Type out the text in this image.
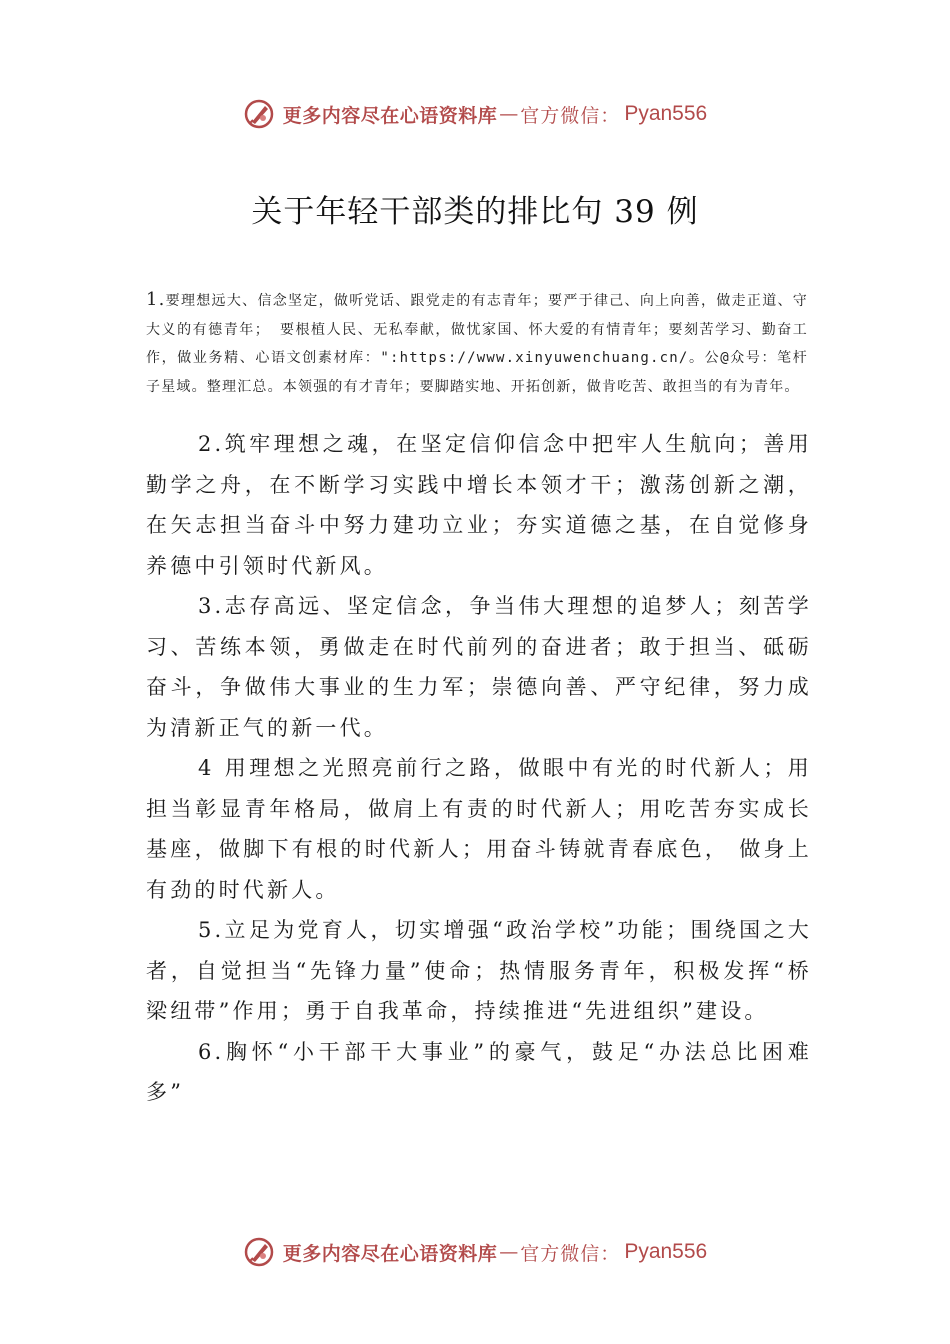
更多内容尽在心语资料库 — 官方微信： Pyan556
关于年轻干部类的排比句 39 例
1.要理想远大、信念坚定，做听党话、跟党走的有志青年；要严于律己、向上向善，做走正道、守大义的有德青年； 要根植人民、无私奉献，做忧家国、怀大爱的有情青年；要刻苦学习、勤奋工作，做业务精、心语文创素材库：":https://www.xinyuwenchuang.cn/。公@众号：笔杆子星域。整理汇总。本领强的有才青年；要脚踏实地、开拓创新，做肯吃苦、敢担当的有为青年。

2.筑牢理想之魂，在坚定信仰信念中把牢人生航向；善用勤学之舟，在不断学习实践中增长本领才干；激荡创新之潮，在矢志担当奋斗中努力建功立业；夯实道德之基，在自觉修身养德中引领时代新风。

3.志存高远、坚定信念，争当伟大理想的追梦人；刻苦学习、苦练本领，勇做走在时代前列的奋进者；敢于担当、砥砺奋斗，争做伟大事业的生力军；崇德向善、严守纪律，努力成为清新正气的新一代。

4 用理想之光照亮前行之路，做眼中有光的时代新人；用担当彰显青年格局，做肩上有责的时代新人；用吃苦夯实成长基座，做脚下有根的时代新人；用奋斗铸就青春底色， 做身上有劲的时代新人。

5.立足为党育人，切实增强“政治学校”功能；围绕国之大者，自觉担当“先锋力量”使命；热情服务青年，积极发挥“桥梁纽带”作用；勇于自我革命，持续推进“先进组织”建设。

6.胸怀“小干部干大事业”的豪气，鼓足“办法总比困难多”

更多内容尽在心语资料库 — 官方微信： Pyan556
